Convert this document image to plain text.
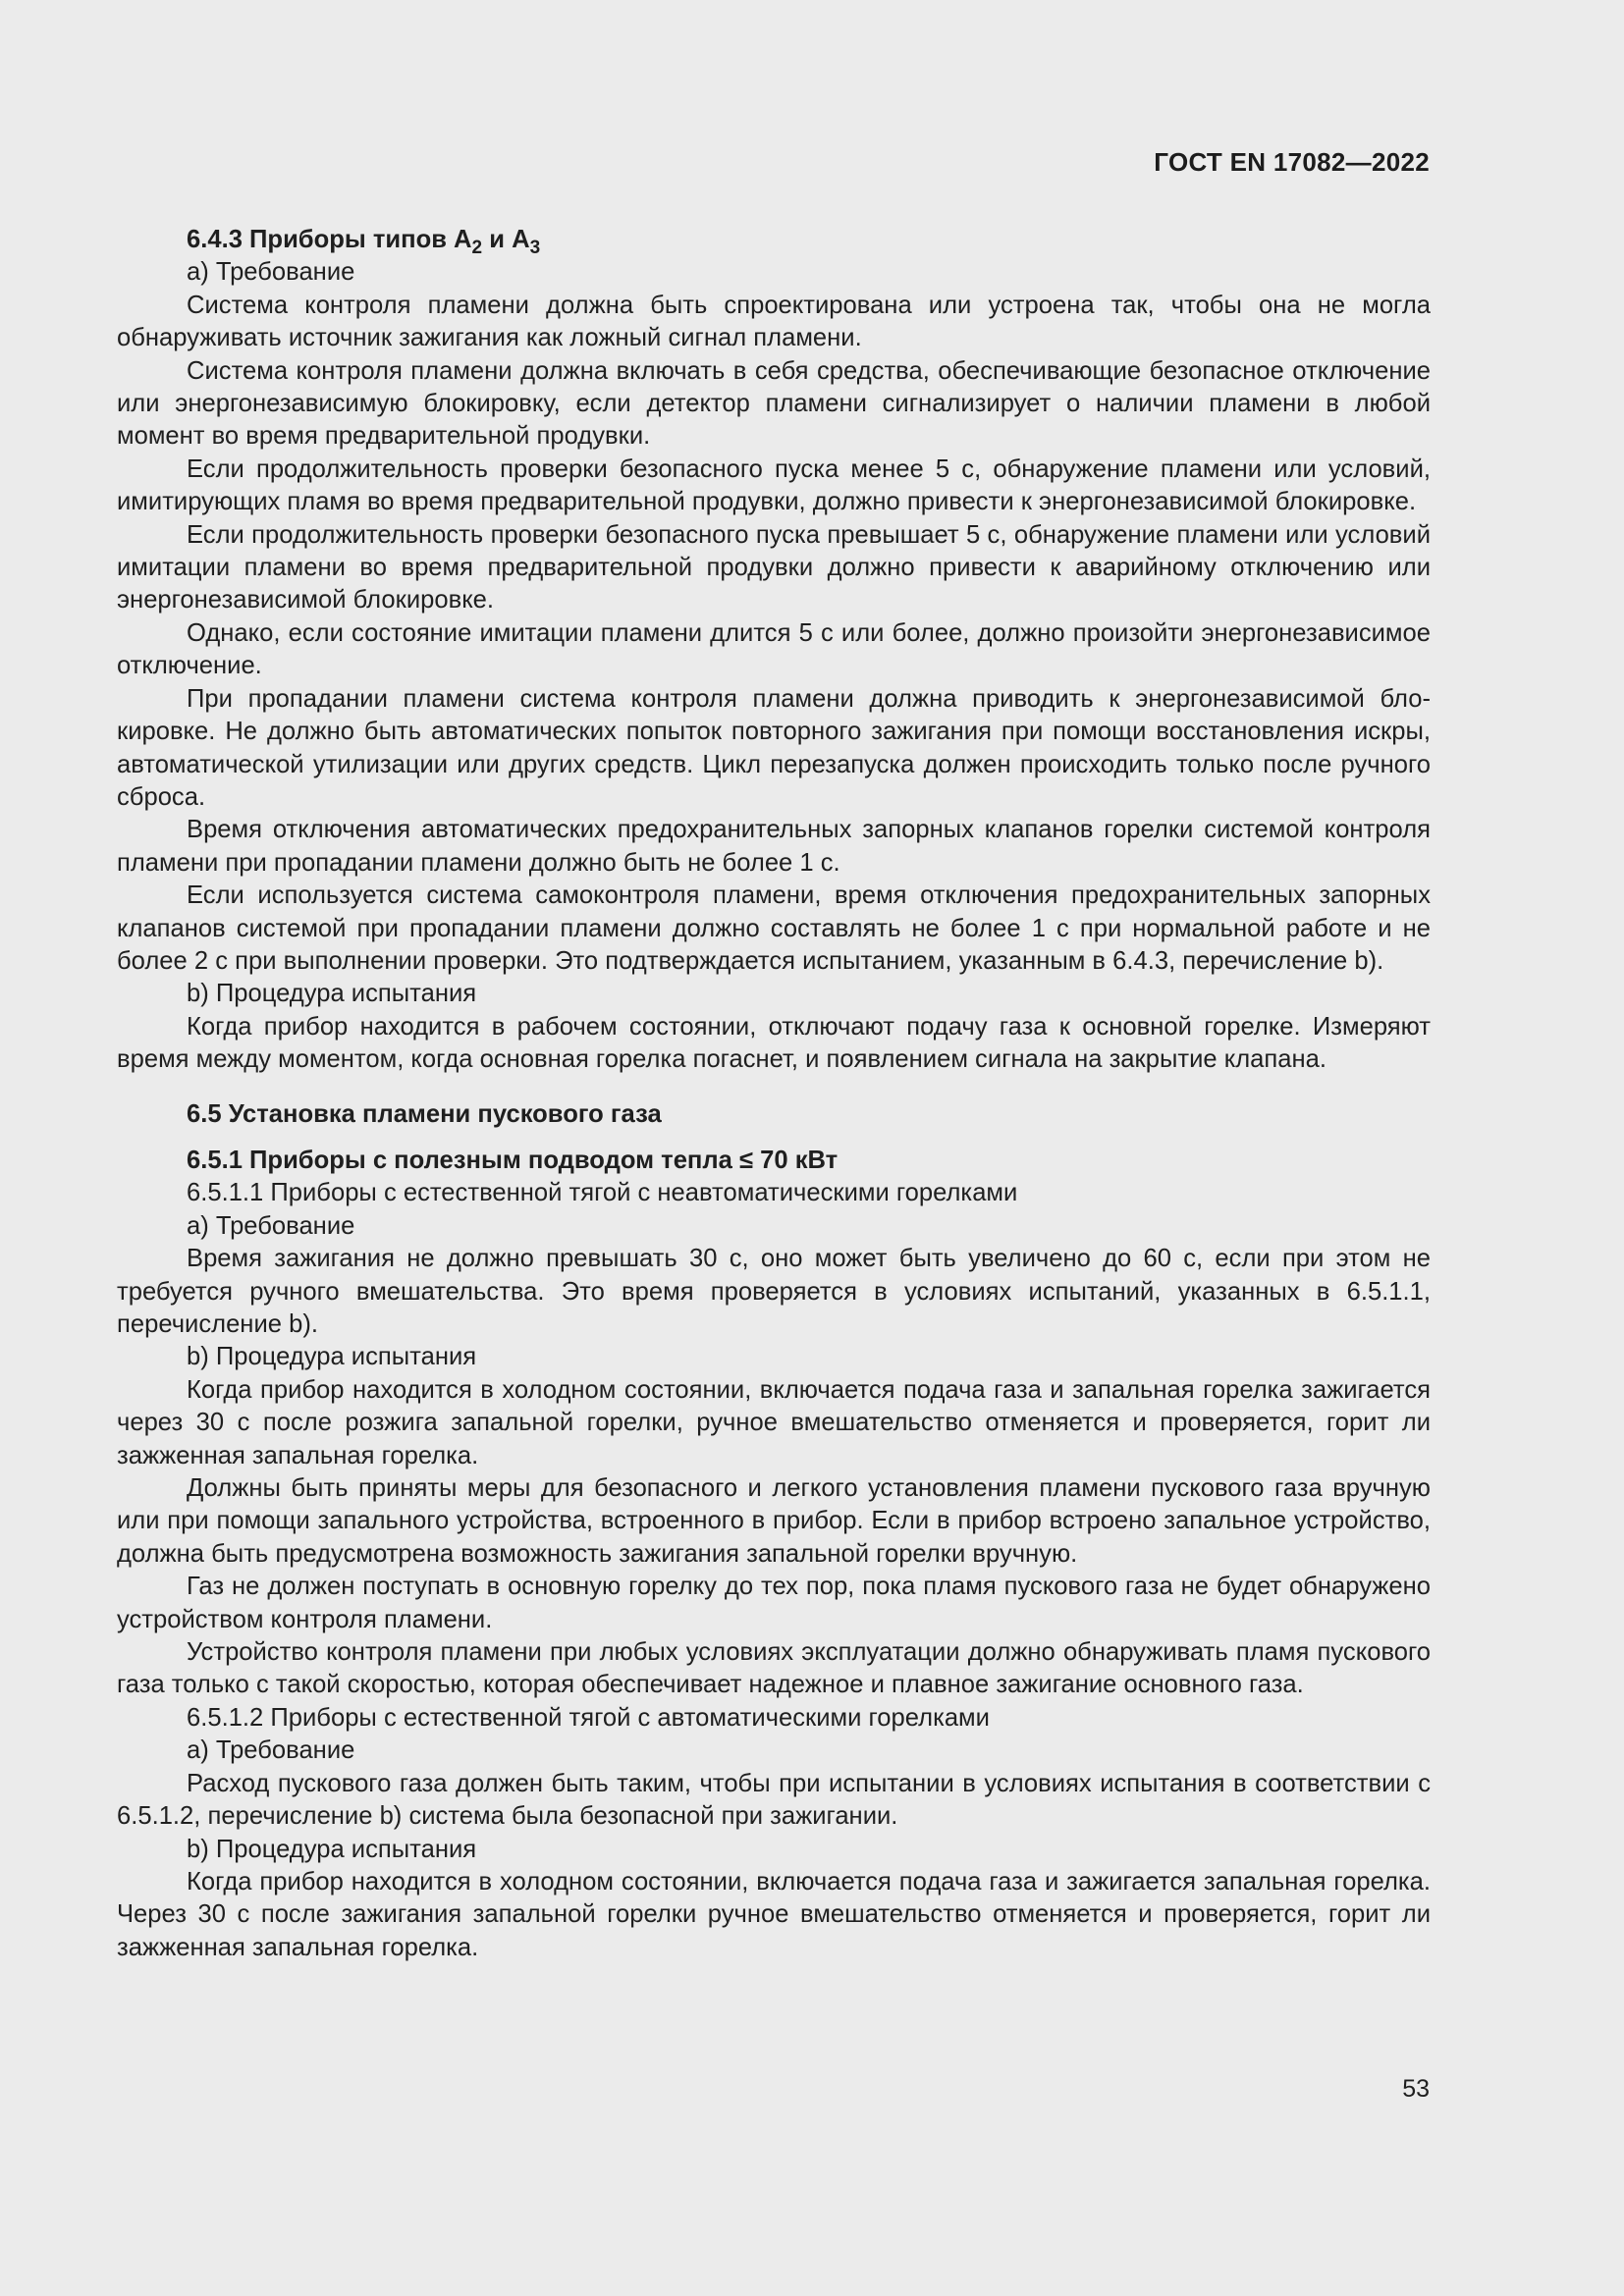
ГОСТ EN 17082—2022

6.4.3 Приборы типов $А_2$ и $А_3$

а) Требование

Система контроля пламени должна быть спроектирована или устроена так, чтобы она не могла обнаруживать источник зажигания как ложный сигнал пламени.

Система контроля пламени должна включать в себя средства, обеспечивающие безопасное отключение или энергонезависимую блокировку, если детектор пламени сигнализирует о наличии пламени в любой момент во время предварительной продувки.

Если продолжительность проверки безопасного пуска менее 5 с, обнаружение пламени или условий, имитирующих пламя во время предварительной продувки, должно привести к энергонезависимой блокировке.

Если продолжительность проверки безопасного пуска превышает 5 с, обнаружение пламени или условий имитации пламени во время предварительной продувки должно привести к аварийному отключению или энергонезависимой блокировке.

Однако, если состояние имитации пламени длится 5 с или более, должно произойти энергонезависимое отключение.

При пропадании пламени система контроля пламени должна приводить к энергонезависимой блокировке. Не должно быть автоматических попыток повторного зажигания при помощи восстановления искры, автоматической утилизации или других средств. Цикл перезапуска должен происходить только после ручного сброса.

Время отключения автоматических предохранительных запорных клапанов горелки системой контроля пламени при пропадании пламени должно быть не более 1 с.

Если используется система самоконтроля пламени, время отключения предохранительных запорных клапанов системой при пропадании пламени должно составлять не более 1 с при нормальной работе и не более 2 с при выполнении проверки. Это подтверждается испытанием, указанным в 6.4.3, перечисление b).

b) Процедура испытания

Когда прибор находится в рабочем состоянии, отключают подачу газа к основной горелке. Измеряют время между моментом, когда основная горелка погаснет, и появлением сигнала на закрытие клапана.

6.5 Установка пламени пускового газа

6.5.1 Приборы с полезным подводом тепла ≤ 70 кВт

6.5.1.1 Приборы с естественной тягой с неавтоматическими горелками

а) Требование

Время зажигания не должно превышать 30 с, оно может быть увеличено до 60 с, если при этом не требуется ручного вмешательства. Это время проверяется в условиях испытаний, указанных в 6.5.1.1, перечисление b).

b) Процедура испытания

Когда прибор находится в холодном состоянии, включается подача газа и запальная горелка зажигается через 30 с после розжига запальной горелки, ручное вмешательство отменяется и проверяется, горит ли зажженная запальная горелка.

Должны быть приняты меры для безопасного и легкого установления пламени пускового газа вручную или при помощи запального устройства, встроенного в прибор. Если в прибор встроено запальное устройство, должна быть предусмотрена возможность зажигания запальной горелки вручную.

Газ не должен поступать в основную горелку до тех пор, пока пламя пускового газа не будет обнаружено устройством контроля пламени.

Устройство контроля пламени при любых условиях эксплуатации должно обнаруживать пламя пускового газа только с такой скоростью, которая обеспечивает надежное и плавное зажигание основного газа.

6.5.1.2 Приборы с естественной тягой с автоматическими горелками

а) Требование

Расход пускового газа должен быть таким, чтобы при испытании в условиях испытания в соответствии с 6.5.1.2, перечисление b) система была безопасной при зажигании.

b) Процедура испытания

Когда прибор находится в холодном состоянии, включается подача газа и зажигается запальная горелка. Через 30 с после зажигания запальной горелки ручное вмешательство отменяется и проверяется, горит ли зажженная запальная горелка.

53
